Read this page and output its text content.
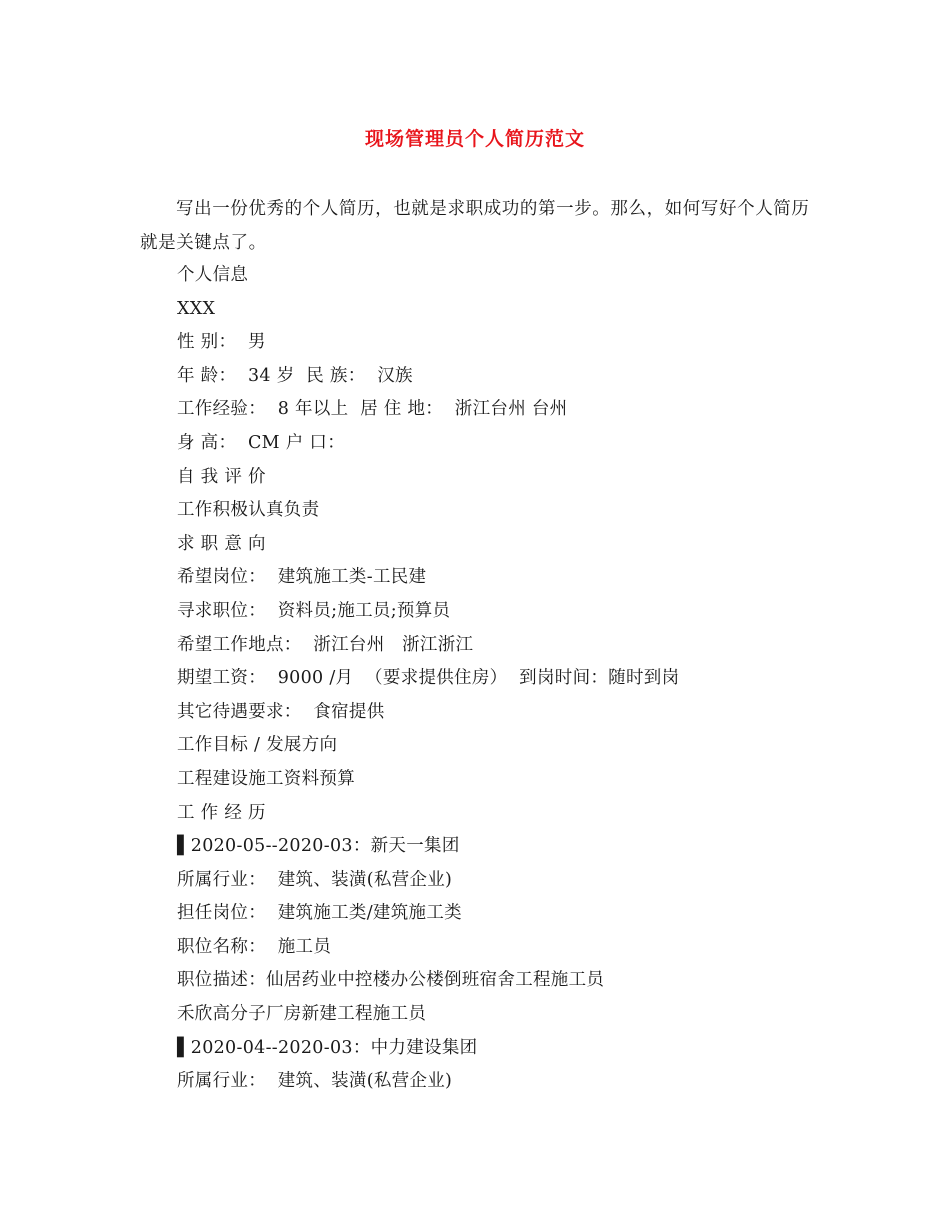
现场管理员个人简历范文

写出一份优秀的个人简历，也就是求职成功的第一步。那么，如何写好个人简历就是关键点了。

个人信息
XXX
性 别：  男
年 龄：  34 岁  民 族：  汉族
工作经验：  8 年以上  居 住 地：  浙江台州 台州
身 高：  CM 户 口：
自 我 评 价
工作积极认真负责
求 职 意 向
希望岗位：  建筑施工类-工民建
寻求职位：  资料员;施工员;预算员
希望工作地点：  浙江台州   浙江浙江
期望工资：  9000 /月  （要求提供住房）  到岗时间：随时到岗
其它待遇要求：  食宿提供
工作目标 / 发展方向
工程建设施工资料预算
工 作 经 历
▌2020-05--2020-03：新天一集团
所属行业：  建筑、装潢(私营企业)
担任岗位：  建筑施工类/建筑施工类
职位名称：  施工员
职位描述：仙居药业中控楼办公楼倒班宿舍工程施工员
禾欣高分子厂房新建工程施工员
▌2020-04--2020-03：中力建设集团
所属行业：  建筑、装潢(私营企业)
